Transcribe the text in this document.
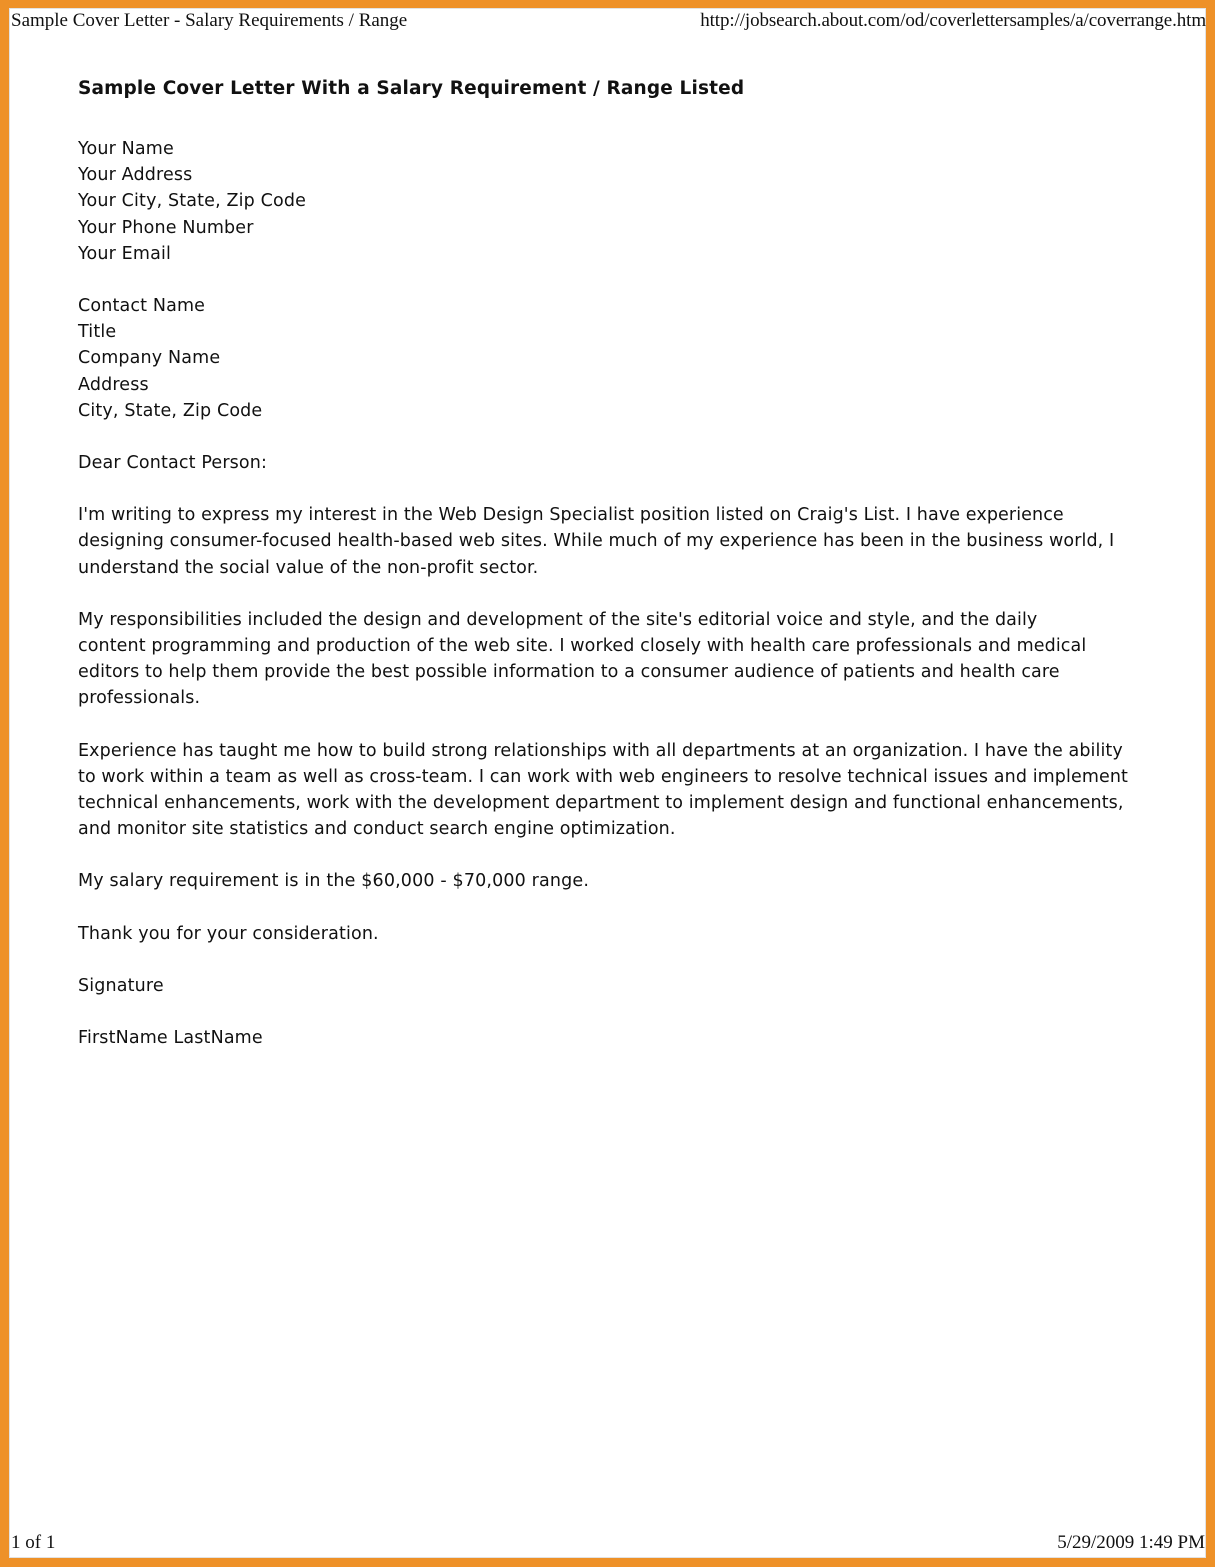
Sample Cover Letter - Salary Requirements / Range	http://jobsearch.about.com/od/coverlettersamples/a/coverrange.htm
Sample Cover Letter With a Salary Requirement / Range Listed
Your Name
Your Address
Your City, State, Zip Code
Your Phone Number
Your Email
Contact Name
Title
Company Name
Address
City, State, Zip Code
Dear Contact Person:

I'm writing to express my interest in the Web Design Specialist position listed on Craig's List. I have experience designing consumer-focused health-based web sites. While much of my experience has been in the business world, I understand the social value of the non-profit sector.

My responsibilities included the design and development of the site's editorial voice and style, and the daily content programming and production of the web site. I worked closely with health care professionals and medical editors to help them provide the best possible information to a consumer audience of patients and health care professionals.

Experience has taught me how to build strong relationships with all departments at an organization. I have the ability to work within a team as well as cross-team. I can work with web engineers to resolve technical issues and implement technical enhancements, work with the development department to implement design and functional enhancements, and monitor site statistics and conduct search engine optimization.

My salary requirement is in the $60,000 - $70,000 range.
Thank you for your consideration.
Signature
FirstName LastName
1 of 1	5/29/2009 1:49 PM
